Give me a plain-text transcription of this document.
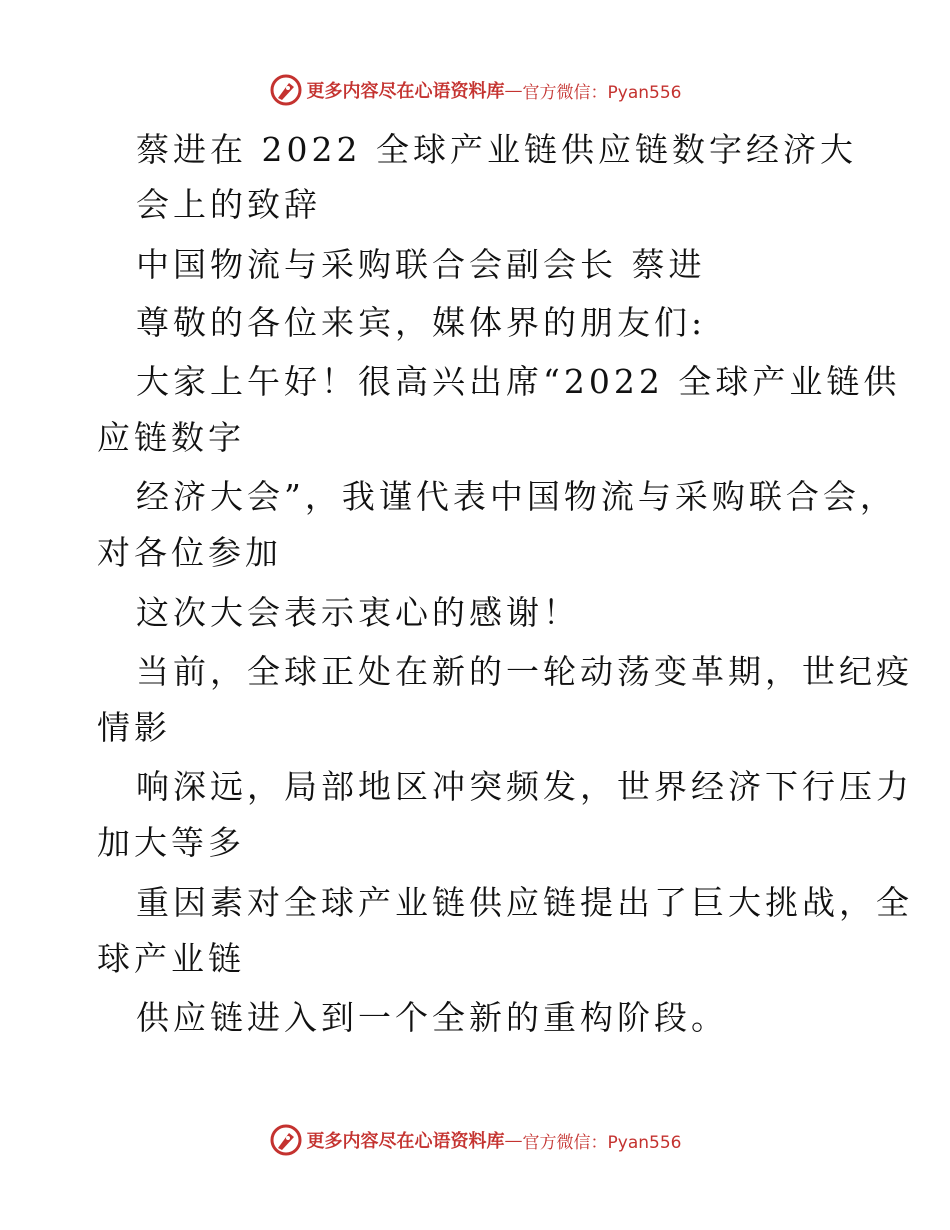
更多内容尽在心语资料库 — 官方微信：Pyan556
蔡进在 2022 全球产业链供应链数字经济大
会上的致辞
中国物流与采购联合会副会长 蔡进
尊敬的各位来宾，媒体界的朋友们:
大家上午好！很高兴出席“2022 全球产业链供
应链数字
经济大会”，我谨代表中国物流与采购联合会，
对各位参加
这次大会表示衷心的感谢！
当前，全球正处在新的一轮动荡变革期，世纪疫
情影
响深远，局部地区冲突频发，世界经济下行压力
加大等多
重因素对全球产业链供应链提出了巨大挑战，全
球产业链
供应链进入到一个全新的重构阶段。
更多内容尽在心语资料库 — 官方微信：Pyan556
